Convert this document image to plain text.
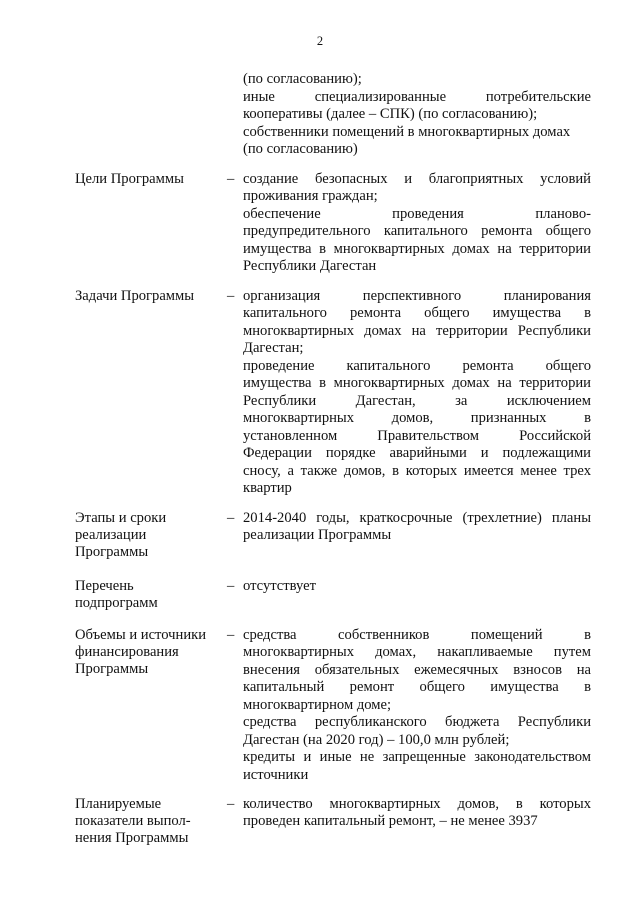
2
(по согласованию);
иные специализированные потребительские
кооперативы (далее – СПК) (по согласованию);
собственники помещений в многоквартирных домах
(по согласованию)
Цели Программы	– создание безопасных и благоприятных условий
проживания граждан;
обеспечение проведения планово-
предупредительного капитального ремонта общего
имущества в многоквартирных домах на территории
Республики Дагестан
Задачи Программы	– организация перспективного планирования
капитального ремонта общего имущества в
многоквартирных домах на территории Республики
Дагестан;
проведение капитального ремонта общего
имущества в многоквартирных домах на территории
Республики Дагестан, за исключением
многоквартирных домов, признанных в
установленном Правительством Российской
Федерации порядке аварийными и подлежащими
сносу, а также домов, в которых имеется менее трех
квартир
Этапы и сроки
реализации
Программы
– 2014-2040 годы, краткосрочные (трехлетние) планы
реализации Программы
Перечень
подпрограмм
– отсутствует
Объемы и источники
финансирования
Программы
– средства собственников помещений в
многоквартирных домах, накапливаемые путем
внесения обязательных ежемесячных взносов на
капитальный ремонт общего имущества в
многоквартирном доме;
средства республиканского бюджета Республики
Дагестан (на 2020 год) – 100,0 млн рублей;
кредиты и иные не запрещенные законодательством
источники
Планируемые
показатели выпол-
нения Программы
– количество многоквартирных домов, в которых
проведен капитальный ремонт, – не менее 3937
